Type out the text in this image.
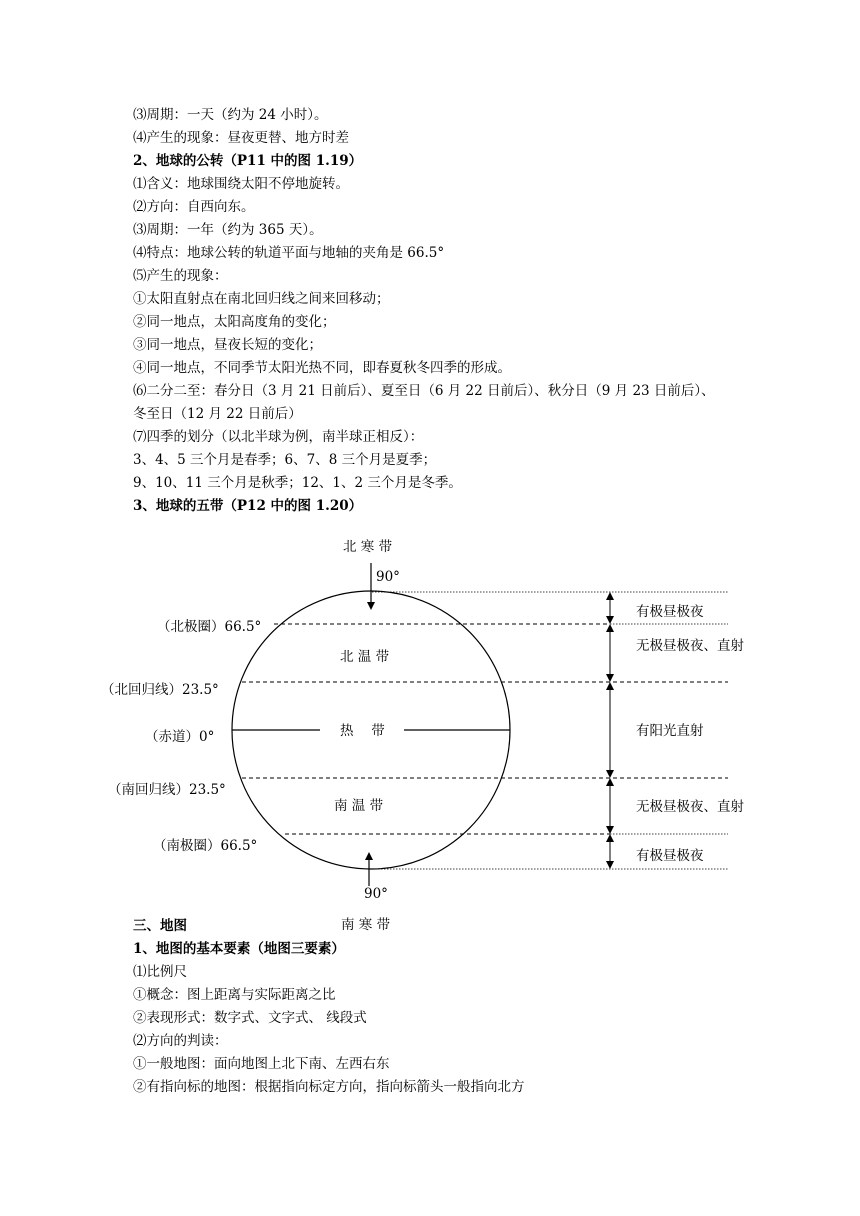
⑶周期：一天（约为 24 小时）。
⑷产生的现象：昼夜更替、地方时差
2、地球的公转（P11 中的图 1.19）
⑴含义：地球围绕太阳不停地旋转。
⑵方向：自西向东。
⑶周期：一年（约为 365 天）。
⑷特点：地球公转的轨道平面与地轴的夹角是 66.5°
⑸产生的现象：
①太阳直射点在南北回归线之间来回移动；
②同一地点，太阳高度角的变化；
③同一地点，昼夜长短的变化；
④同一地点，不同季节太阳光热不同，即春夏秋冬四季的形成。
⑹二分二至：春分日（3 月 21 日前后）、夏至日（6 月 22 日前后）、秋分日（9 月 23 日前后）、
冬至日（12 月 22 日前后）
⑺四季的划分（以北半球为例，南半球正相反）：
3、4、5 三个月是春季；6、7、8 三个月是夏季；
9、10、11 三个月是秋季；12、1、2 三个月是冬季。
3、地球的五带（P12 中的图 1.20）
北 寒 带
90°
北 温 带
热　 带
南 温 带
90°
南 寒 带
（北极圈）66.5°
（北回归线）23.5°
（赤道）0°
（南回归线）23.5°
（南极圈）66.5°
有极昼极夜
无极昼极夜、直射
有阳光直射
无极昼极夜、直射
有极昼极夜
三、地图
1、地图的基本要素（地图三要素）
⑴比例尺
①概念：图上距离与实际距离之比
②表现形式：数字式、文字式、 线段式
⑵方向的判读：
①一般地图：面向地图上北下南、左西右东
②有指向标的地图：根据指向标定方向，指向标箭头一般指向北方
